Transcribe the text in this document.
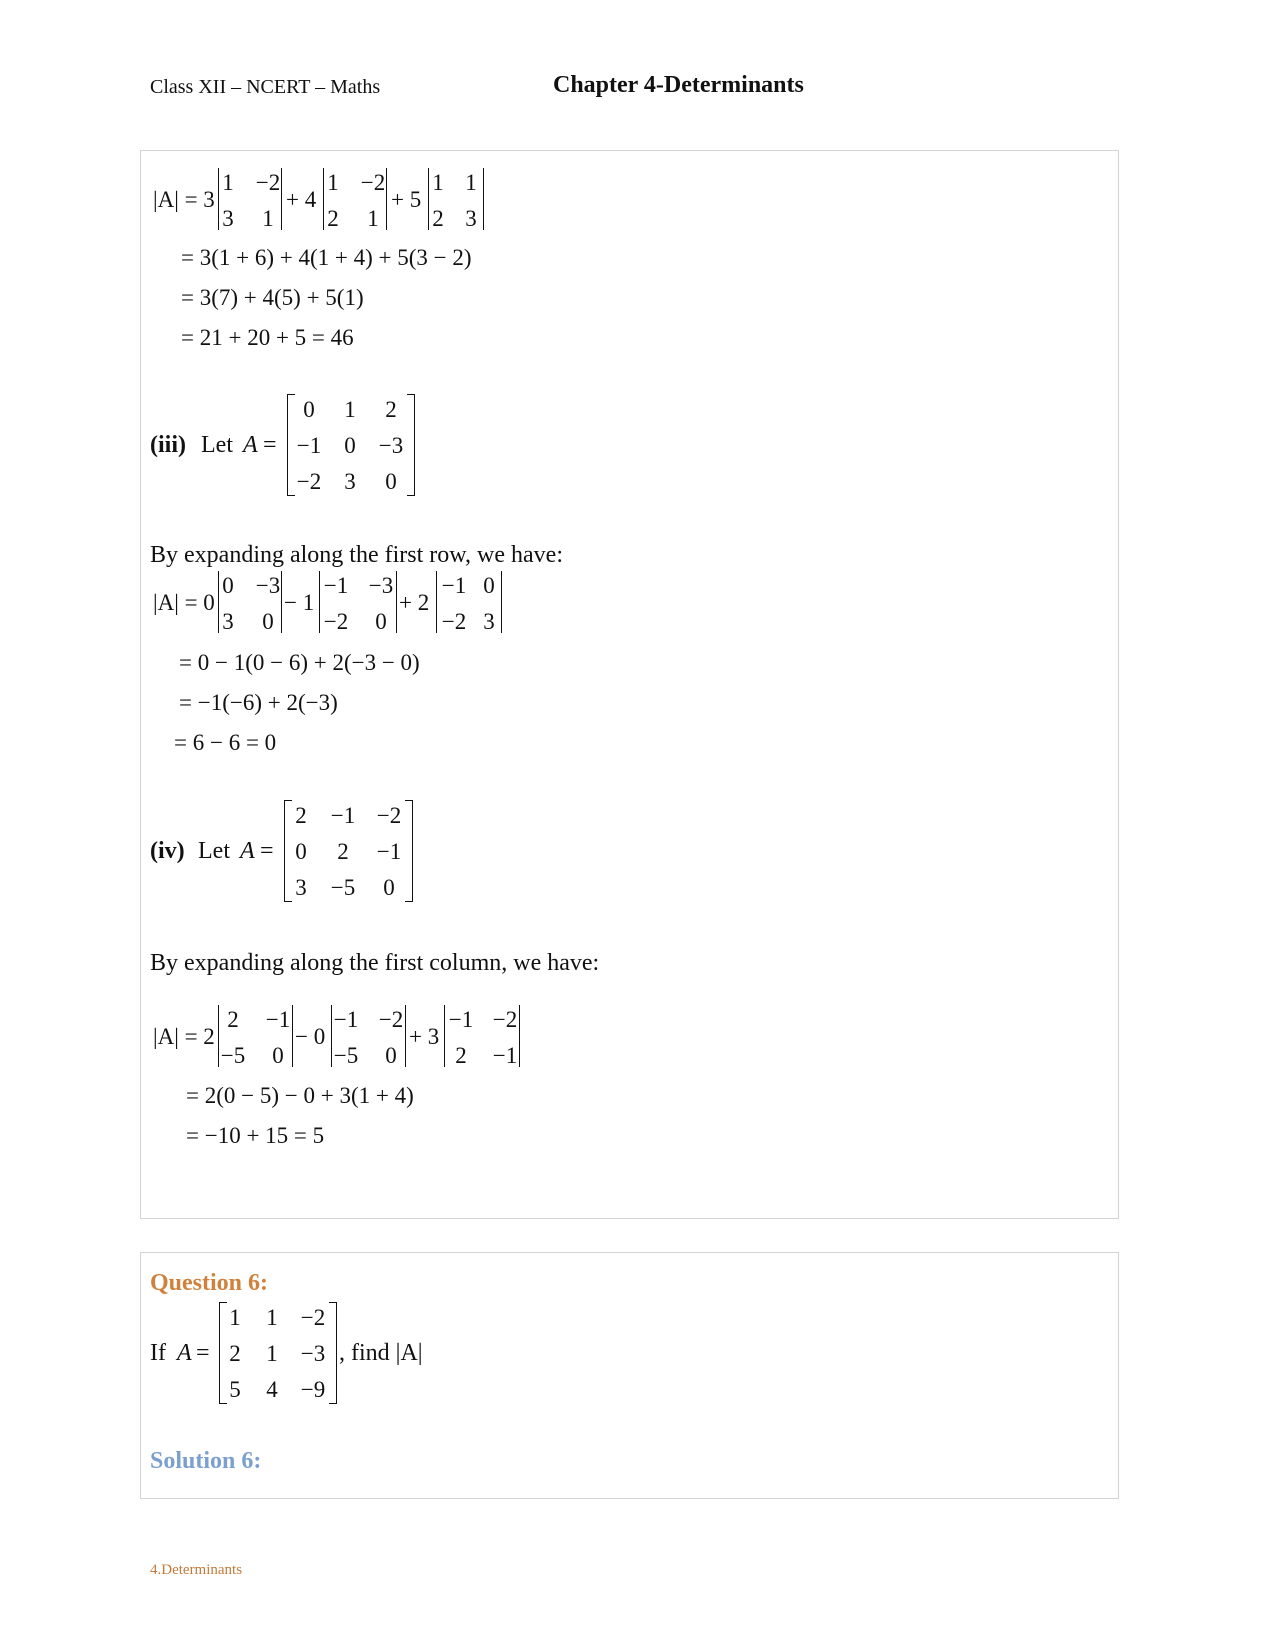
Class XII – NCERT – Maths	Chapter 4-Determinants
|A| = 3
1 −2
3	1
+ 4
1 −2
2	1
+ 5
1 1
2 3
= 3(1 + 6) + 4(1 + 4) + 5(3 − 2)
= 3(7) + 4(5) + 5(1)
= 21 + 20 + 5 = 46
(iii) Let A =
0	1	2
−1	0	−3
−2	3	0
By expanding along the first row, we have:
|A| = 0
0 −3
3	0
− 1
−1 −3
−2	0
+ 2
−1 0
−2 3
= 0 − 1(0 − 6) + 2(−3 − 0)
= −1(−6) + 2(−3)
= 6 − 6 = 0
(iv) Let A =
2	−1 −2
0	2	−1
3	−5	0
By expanding along the first column, we have:
|A| = 2
2	−1
−5	0
− 0
−1 −2
−5	0
+ 3
−1 −2
2	−1
= 2(0 − 5) − 0 + 3(1 + 4)
= −10 + 15 = 5
Question 6:
If A =
1	1	−2
2	1	−3
5	4	−9
, find |A|
Solution 6:
4.Determinants
